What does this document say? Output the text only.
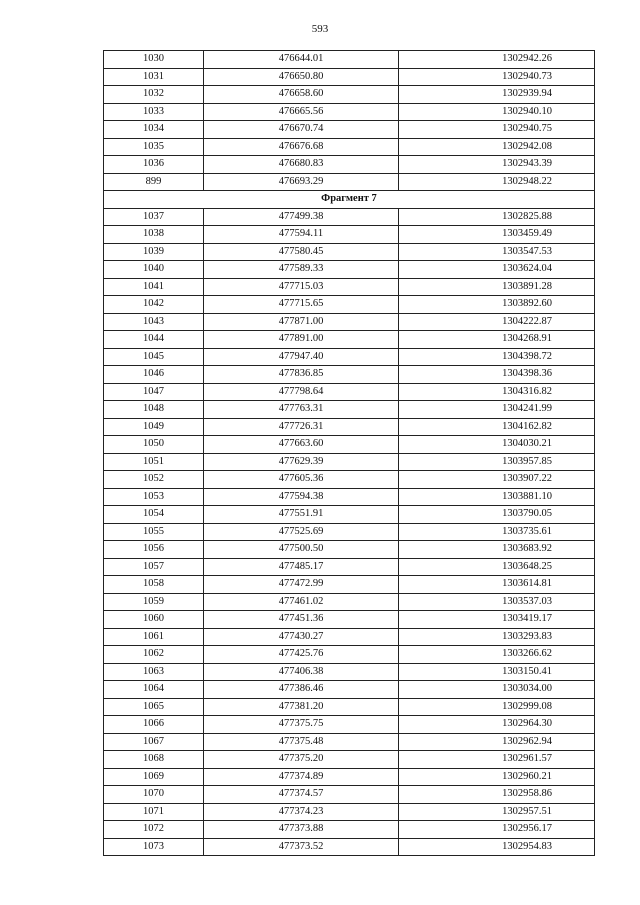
593
1030	476644.01	1302942.26
1031	476650.80	1302940.73
1032	476658.60	1302939.94
1033	476665.56	1302940.10
1034	476670.74	1302940.75
1035	476676.68	1302942.08
1036	476680.83	1302943.39
899	476693.29	1302948.22
Фрагмент 7		
1037	477499.38	1302825.88
1038	477594.11	1303459.49
1039	477580.45	1303547.53
1040	477589.33	1303624.04
1041	477715.03	1303891.28
1042	477715.65	1303892.60
1043	477871.00	1304222.87
1044	477891.00	1304268.91
1045	477947.40	1304398.72
1046	477836.85	1304398.36
1047	477798.64	1304316.82
1048	477763.31	1304241.99
1049	477726.31	1304162.82
1050	477663.60	1304030.21
1051	477629.39	1303957.85
1052	477605.36	1303907.22
1053	477594.38	1303881.10
1054	477551.91	1303790.05
1055	477525.69	1303735.61
1056	477500.50	1303683.92
1057	477485.17	1303648.25
1058	477472.99	1303614.81
1059	477461.02	1303537.03
1060	477451.36	1303419.17
1061	477430.27	1303293.83
1062	477425.76	1303266.62
1063	477406.38	1303150.41
1064	477386.46	1303034.00
1065	477381.20	1302999.08
1066	477375.75	1302964.30
1067	477375.48	1302962.94
1068	477375.20	1302961.57
1069	477374.89	1302960.21
1070	477374.57	1302958.86
1071	477374.23	1302957.51
1072	477373.88	1302956.17
1073	477373.52	1302954.83
